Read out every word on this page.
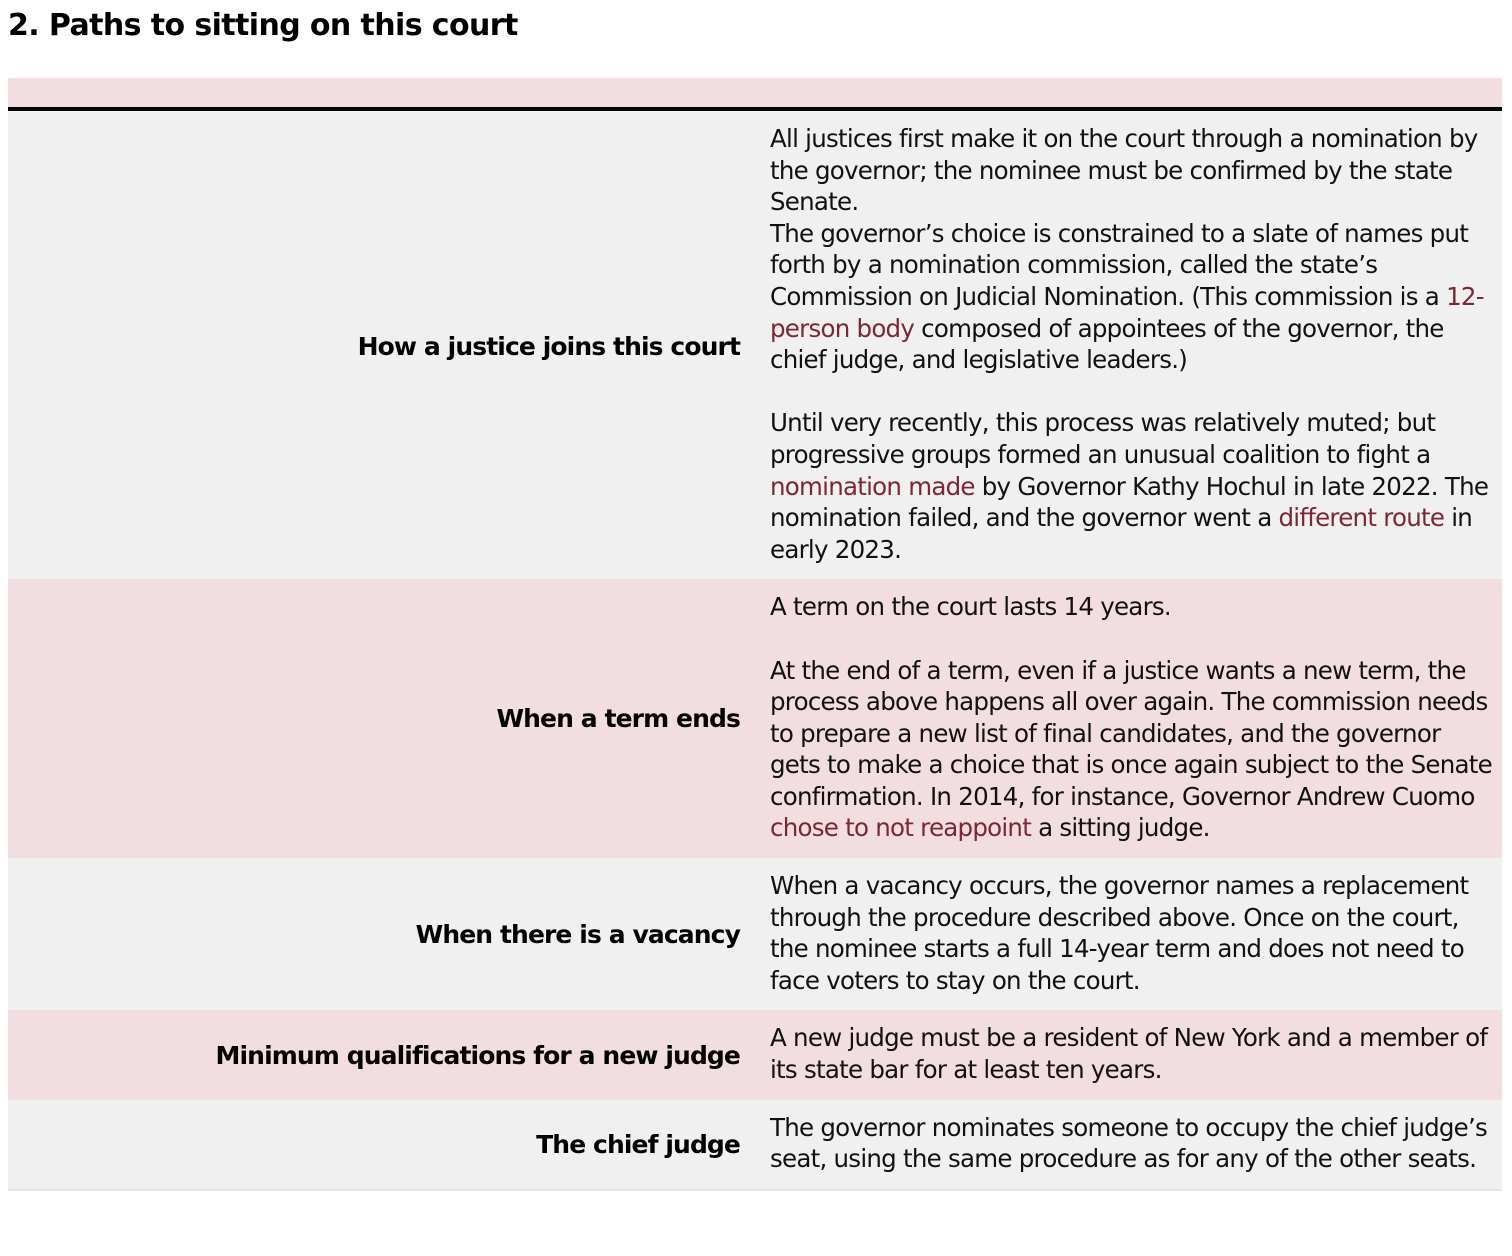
2. Paths to sitting on this court

How a justice joins this court	All justices first make it on the court through a nomination by the governor; the nominee must be confirmed by the state Senate.

The governor’s choice is constrained to a slate of names put forth by a nomination commission, called the state’s Commission on Judicial Nomination. (This commission is a 12-person body composed of appointees of the governor, the chief judge, and legislative leaders.)

Until very recently, this process was relatively muted; but progressive groups formed an unusual coalition to fight a nomination made by Governor Kathy Hochul in late 2022. The nomination failed, and the governor went a different route in early 2023.

When a term ends	A term on the court lasts 14 years.

At the end of a term, even if a justice wants a new term, the process above happens all over again. The commission needs to prepare a new list of final candidates, and the governor gets to make a choice that is once again subject to the Senate confirmation. In 2014, for instance, Governor Andrew Cuomo chose to not reappoint a sitting judge.

When there is a vacancy	When a vacancy occurs, the governor names a replacement through the procedure described above. Once on the court, the nominee starts a full 14-year term and does not need to face voters to stay on the court.

Minimum qualifications for a new judge	A new judge must be a resident of New York and a member of its state bar for at least ten years.

The chief judge	The governor nominates someone to occupy the chief judge’s seat, using the same procedure as for any of the other seats.
